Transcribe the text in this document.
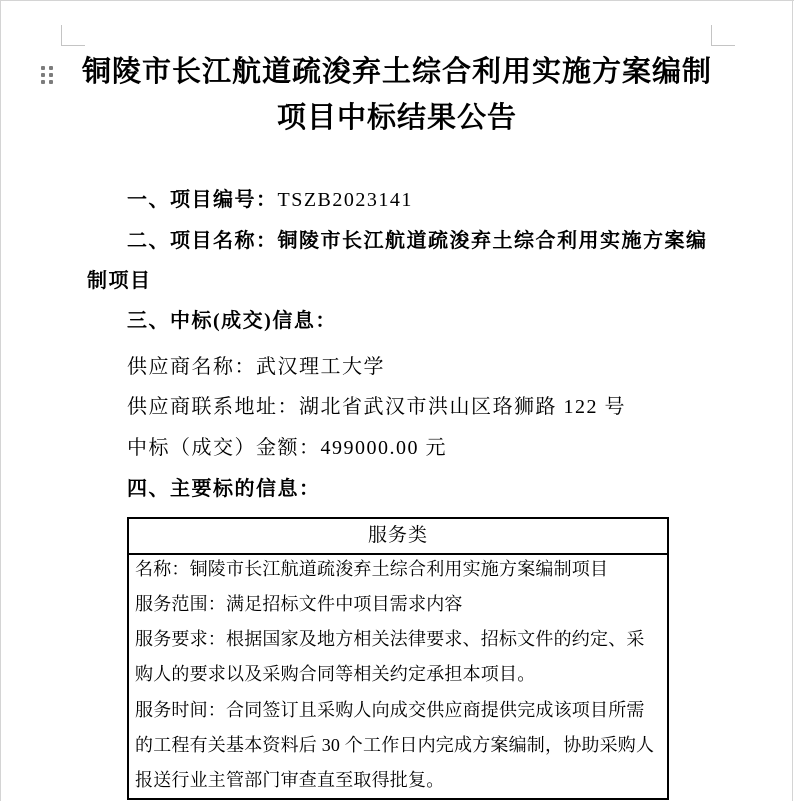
铜陵市长江航道疏浚弃土综合利用实施方案编制
项目中标结果公告
一、项目编号：TSZB2023141
二、项目名称：铜陵市长江航道疏浚弃土综合利用实施方案编
制项目
三、中标(成交)信息：
供应商名称：武汉理工大学
供应商联系地址：湖北省武汉市洪山区珞狮路 122 号
中标（成交）金额：499000.00 元
四、主要标的信息：
服务类
名称：铜陵市长江航道疏浚弃土综合利用实施方案编制项目
服务范围：满足招标文件中项目需求内容
服务要求：根据国家及地方相关法律要求、招标文件的约定、采
购人的要求以及采购合同等相关约定承担本项目。
服务时间：合同签订且采购人向成交供应商提供完成该项目所需
的工程有关基本资料后 30 个工作日内完成方案编制，协助采购人
报送行业主管部门审查直至取得批复。
